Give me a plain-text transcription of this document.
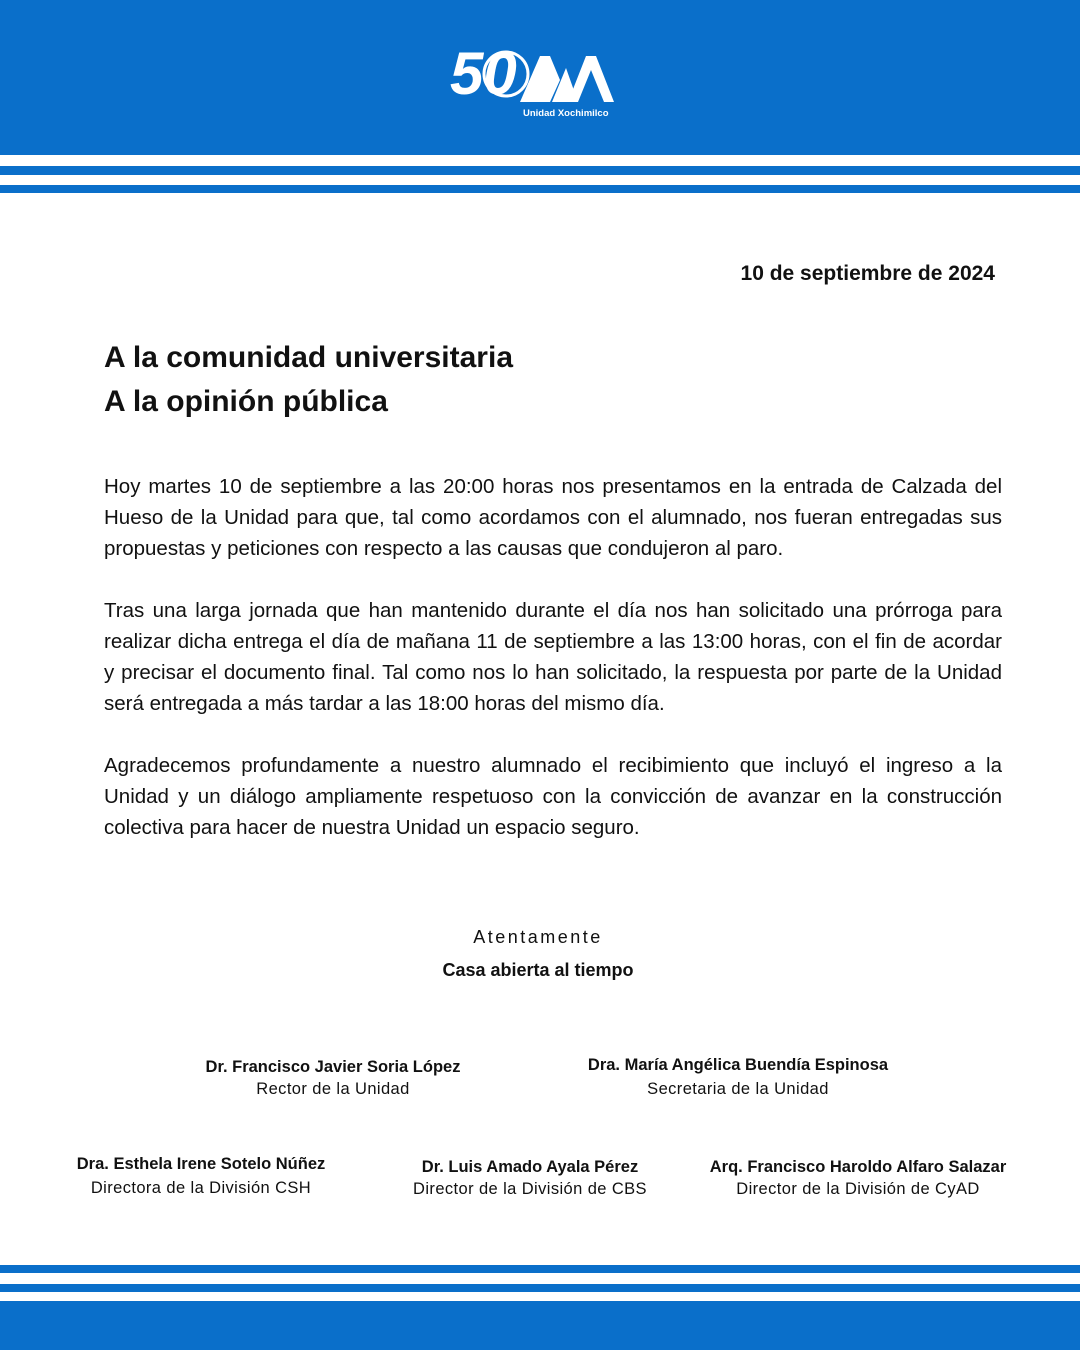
50
Unidad Xochimilco
10 de septiembre de 2024
A la comunidad universitaria
A la opinión pública

Hoy martes 10 de septiembre a las 20:00 horas nos presentamos en la entrada de Calzada del Hueso de la Unidad para que, tal como acordamos con el alumnado, nos fueran entregadas sus propuestas y peticiones con respecto a las causas que condujeron al paro.

Tras una larga jornada que han mantenido durante el día nos han solicitado una prórroga para realizar dicha entrega el día de mañana 11 de septiembre a las 13:00 horas, con el fin de acordar y precisar el documento final. Tal como nos lo han solicitado, la respuesta por parte de la Unidad será entregada a más tardar a las 18:00 horas del mismo día.

Agradecemos profundamente a nuestro alumnado el recibimiento que incluyó el ingreso a la Unidad y un diálogo ampliamente respetuoso con la convicción de avanzar en la construcción colectiva para hacer de nuestra Unidad un espacio seguro.

Atentamente
Casa abierta al tiempo
Dr. Francisco Javier Soria López
Rector de la Unidad
Dra. María Angélica Buendía Espinosa
Secretaria de la Unidad
Dra. Esthela Irene Sotelo Núñez
Directora de la División CSH
Dr. Luis Amado Ayala Pérez
Director de la División de CBS
Arq. Francisco Haroldo Alfaro Salazar
Director de la División de CyAD
